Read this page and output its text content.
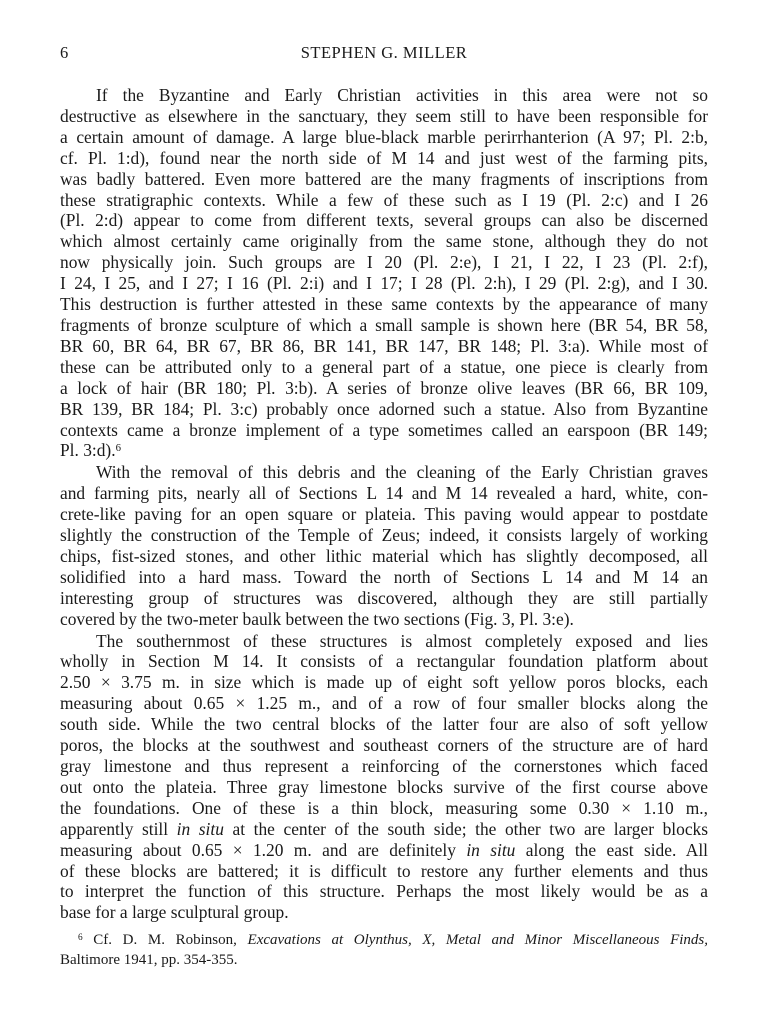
6	STEPHEN G. MILLER
If the Byzantine and Early Christian activities in this area were not so
destructive as elsewhere in the sanctuary, they seem still to have been responsible for
a certain amount of damage. A large blue-black marble perirrhanterion (A 97; Pl. 2:b,
cf. Pl. 1:d), found near the north side of M 14 and just west of the farming pits,
was badly battered. Even more battered are the many fragments of inscriptions from
these stratigraphic contexts. While a few of these such as I 19 (Pl. 2:c) and I 26
(Pl. 2:d) appear to come from different texts, several groups can also be discerned
which almost certainly came originally from the same stone, although they do not
now physically join. Such groups are I 20 (Pl. 2:e), I 21, I 22, I 23 (Pl. 2:f),
I 24, I 25, and I 27; I 16 (Pl. 2:i) and I 17; I 28 (Pl. 2:h), I 29 (Pl. 2:g), and I 30.
This destruction is further attested in these same contexts by the appearance of many
fragments of bronze sculpture of which a small sample is shown here (BR 54, BR 58,
BR 60, BR 64, BR 67, BR 86, BR 141, BR 147, BR 148; Pl. 3:a). While most of
these can be attributed only to a general part of a statue, one piece is clearly from
a lock of hair (BR 180; Pl. 3:b). A series of bronze olive leaves (BR 66, BR 109,
BR 139, BR 184; Pl. 3:c) probably once adorned such a statue. Also from Byzantine
contexts came a bronze implement of a type sometimes called an earspoon (BR 149;
Pl. 3:d).$^6$
With the removal of this debris and the cleaning of the Early Christian graves
and farming pits, nearly all of Sections L 14 and M 14 revealed a hard, white, con-
crete-like paving for an open square or plateia. This paving would appear to postdate
slightly the construction of the Temple of Zeus; indeed, it consists largely of working
chips, fist-sized stones, and other lithic material which has slightly decomposed, all
solidified into a hard mass. Toward the north of Sections L 14 and M 14 an
interesting group of structures was discovered, although they are still partially
covered by the two-meter baulk between the two sections (Fig. 3, Pl. 3:e).
The southernmost of these structures is almost completely exposed and lies
wholly in Section M 14. It consists of a rectangular foundation platform about
2.50 × 3.75 m. in size which is made up of eight soft yellow poros blocks, each
measuring about 0.65 × 1.25 m., and of a row of four smaller blocks along the
south side. While the two central blocks of the latter four are also of soft yellow
poros, the blocks at the southwest and southeast corners of the structure are of hard
gray limestone and thus represent a reinforcing of the cornerstones which faced
out onto the plateia. Three gray limestone blocks survive of the first course above
the foundations. One of these is a thin block, measuring some 0.30 × 1.10 m.,
apparently still in situ at the center of the south side; the other two are larger blocks
measuring about 0.65 × 1.20 m. and are definitely in situ along the east side. All
of these blocks are battered; it is difficult to restore any further elements and thus
to interpret the function of this structure. Perhaps the most likely would be as a
base for a large sculptural group.
$^6$ Cf. D. M. Robinson, Excavations at Olynthus, X, Metal and Minor Miscellaneous Finds,
Baltimore 1941, pp. 354-355.
